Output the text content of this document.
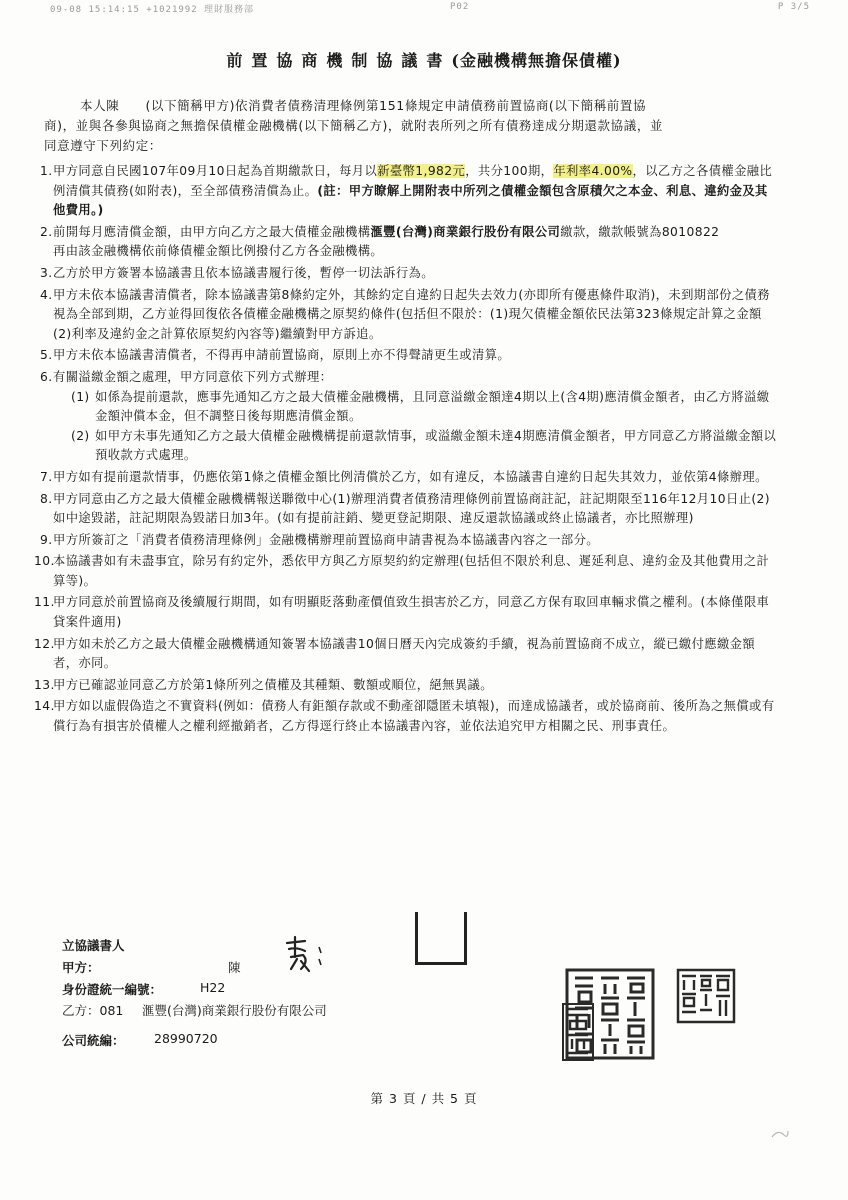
09-08 15:14:15 +1021992 理財服務部	P02	P 3/5
前置協商機制協議書(金融機構無擔保債權)
本人陳　　(以下簡稱甲方)依消費者債務清理條例第151條規定申請債務前置協商(以下簡稱前置協
商)，並與各參與協商之無擔保債權金融機構(以下簡稱乙方)，就附表所列之所有債務達成分期還款協議，並
同意遵守下列約定：
1. 甲方同意自民國107年09月10日起為首期繳款日，每月以新臺幣1,982元，共分100期，年利率4.00%，以乙方之各債權金融比例清償其債務(如附表)，至全部債務清償為止。(註：甲方瞭解上開附表中所列之債權金額包含原積欠之本金、利息、違約金及其他費用。)
2. 前開每月應清償金額，由甲方向乙方之最大債權金融機構滙豐(台灣)商業銀行股份有限公司繳款，繳款帳號為8010822　　　　　再由該金融機構依前條債權金額比例撥付乙方各金融機構。
3. 乙方於甲方簽署本協議書且依本協議書履行後，暫停一切法訴行為。
4. 甲方未依本協議書清償者，除本協議書第8條約定外，其餘約定自違約日起失去效力(亦即所有優惠條件取消)，未到期部份之債務視為全部到期，乙方並得回復依各債權金融機構之原契約條件(包括但不限於：(1)現欠債權金額依民法第323條規定計算之金額(2)利率及違約金之計算依原契約內容等)繼續對甲方訴追。
5. 甲方未依本協議書清償者，不得再申請前置協商，原則上亦不得聲請更生或清算。
6. 有關溢繳金額之處理，甲方同意依下列方式辦理：
(1) 如係為提前還款，應事先通知乙方之最大債權金融機構，且同意溢繳金額達4期以上(含4期)應清償金額者，由乙方將溢繳金額沖償本金，但不調整日後每期應清償金額。
(2) 如甲方未事先通知乙方之最大債權金融機構提前還款情事，或溢繳金額未達4期應清償金額者，甲方同意乙方將溢繳金額以預收款方式處理。
7. 甲方如有提前還款情事，仍應依第1條之債權金額比例清償於乙方，如有違反，本協議書自違約日起失其效力，並依第4條辦理。
8. 甲方同意由乙方之最大債權金融機構報送聯徵中心(1)辦理消費者債務清理條例前置協商註記，註記期限至116年12月10日止(2)如中途毀諾，註記期限為毀諾日加3年。(如有提前註銷、變更登記期限、違反還款協議或終止協議者，亦比照辦理)
9. 甲方所簽訂之「消費者債務清理條例」金融機構辦理前置協商申請書視為本協議書內容之一部分。
10.
本協議書如有未盡事宜，除另有約定外，悉依甲方與乙方原契約約定辦理(包括但不限於利息、遲延利息、違約金及其他費用之計算等)。
11.
甲方同意於前置協商及後續履行期間，如有明顯貶落動產價值致生損害於乙方，同意乙方保有取回車輛求償之權利。(本條僅限車貸案件適用)
12.
甲方如未於乙方之最大債權金融機構通知簽署本協議書10個日曆天內完成簽約手續，視為前置協商不成立，縱已繳付應繳金額者，亦同。
13.
甲方已確認並同意乙方於第1條所列之債權及其種類、數額或順位，絕無異議。
14.
甲方如以虛假偽造之不實資料(例如：債務人有鉅額存款或不動產卻隱匿未填報)，而達成協議者，或於協商前、後所為之無償或有償行為有損害於債權人之權利經撤銷者，乙方得逕行終止本協議書內容，並依法追究甲方相關之民、刑事責任。
立協議書人
甲方：	陳
身份證統一編號：	H22
乙方：081 滙豐(台灣)商業銀行股份有限公司
公司統編： 28990720
第 3 頁 / 共 5 頁
